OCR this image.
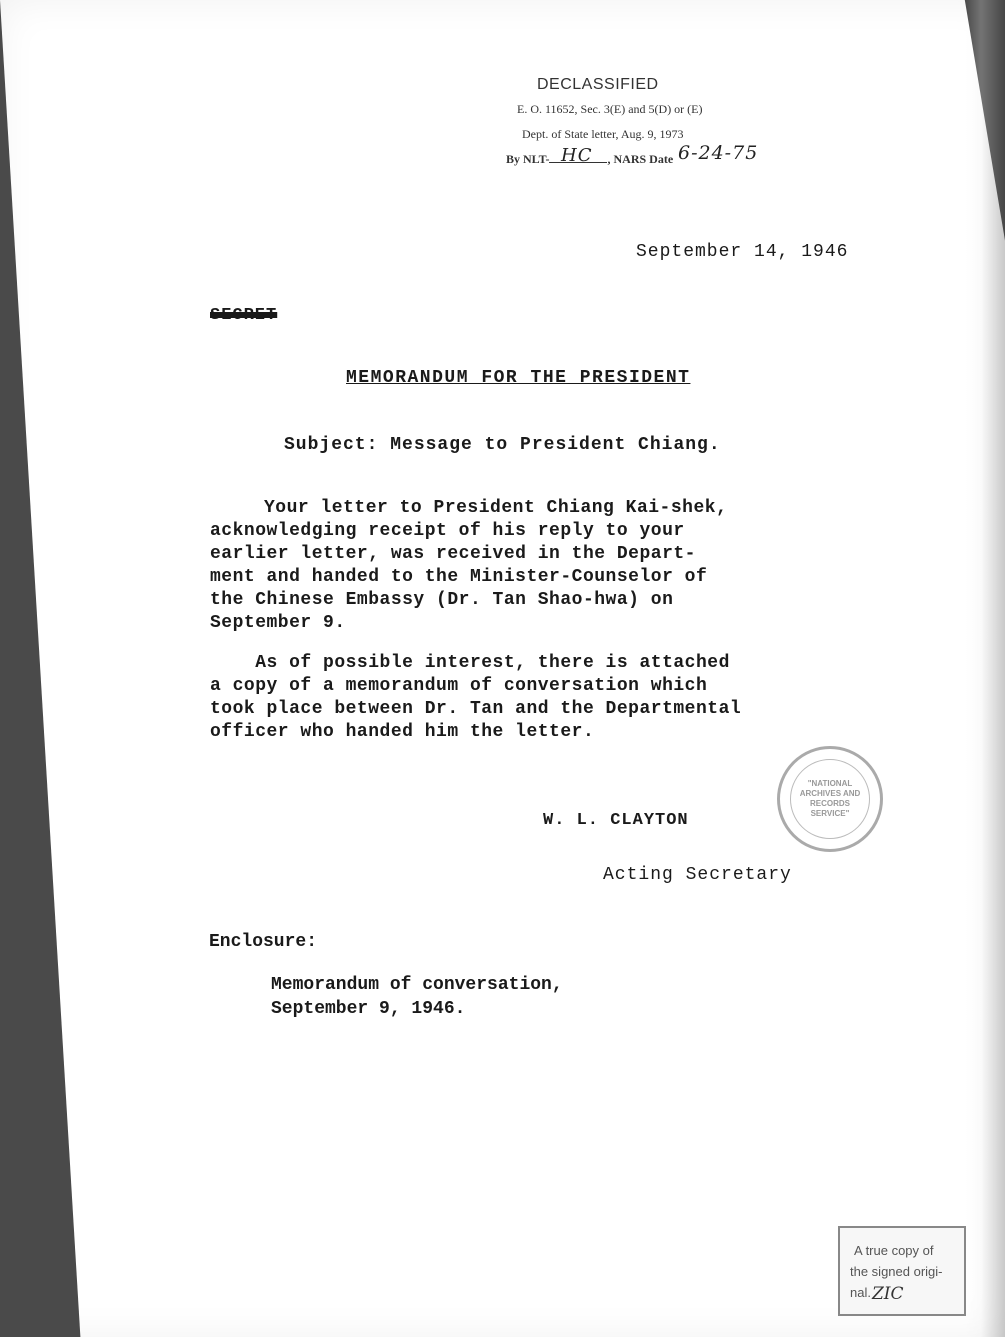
DECLASSIFIED
E. O. 11652, Sec. 3(E) and 5(D) or (E)
Dept. of State letter, Aug. 9, 1973
By NLT-	, NARS Date
HC	6-24-75
September 14, 1946
SECRET
MEMORANDUM FOR THE PRESIDENT
Subject: Message to President Chiang.
Your letter to President Chiang Kai-shek,
acknowledging receipt of his reply to your
earlier letter, was received in the Depart-
ment and handed to the Minister-Counselor of
the Chinese Embassy (Dr. Tan Shao-hwa) on
September 9.
As of possible interest, there is attached
a copy of a memorandum of conversation which
took place between Dr. Tan and the Departmental
officer who handed him the letter.
"NATIONAL
ARCHIVES AND
RECORDS
SERVICE"
W. L. CLAYTON
Acting Secretary
Enclosure:
Memorandum of conversation,
September 9, 1946.
A true copy of
the signed origi-
nal. ZIC
